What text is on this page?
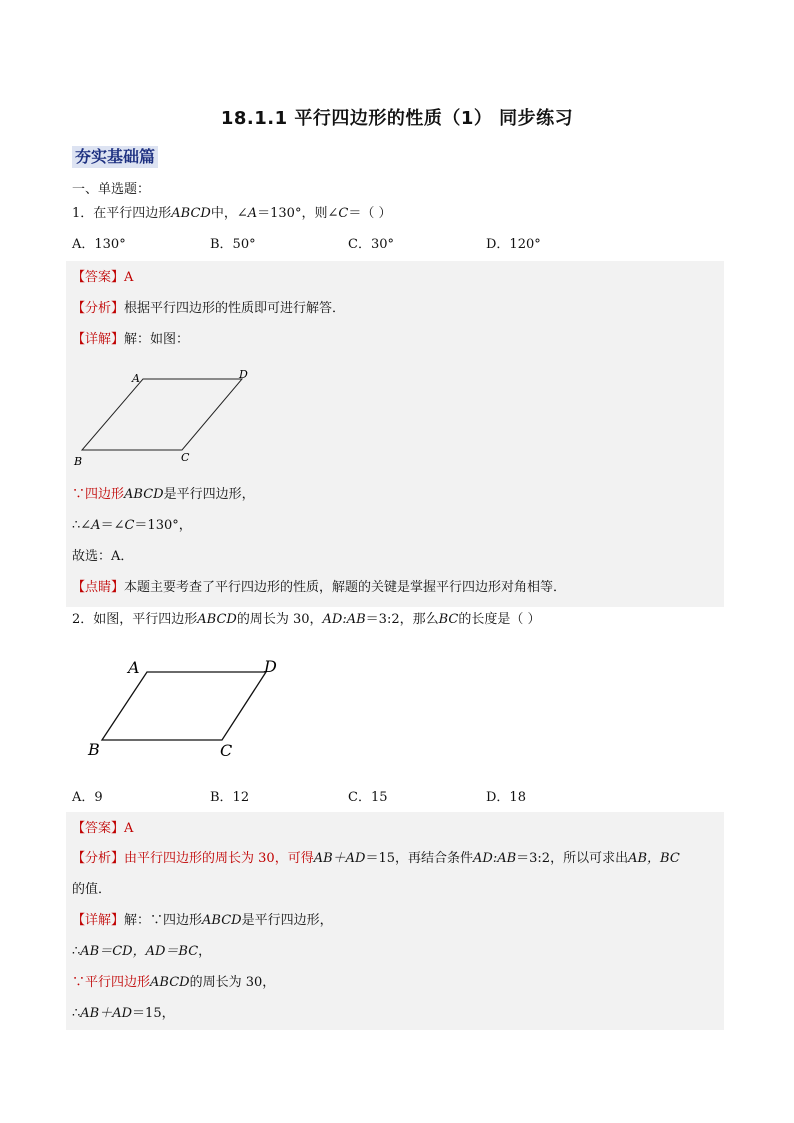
18.1.1 平行四边形的性质（1） 同步练习
夯实基础篇
一、单选题：
1．在平行四边形ABCD中，∠A＝130°，则∠C＝（ ）
A．130°	B．50°	C．30°	D．120°
【答案】A
【分析】根据平行四边形的性质即可进行解答．
【详解】解：如图：
A	D
B	C
∵四边形ABCD是平行四边形，
∴∠A＝∠C＝130°，
故选：A．
【点睛】本题主要考查了平行四边形的性质，解题的关键是掌握平行四边形对角相等．
2．如图，平行四边形ABCD的周长为 30，AD:AB＝3:2，那么BC的长度是（ ）
A	D
B	C
A．9	B．12	C．15	D．18
【答案】A
【分析】由平行四边形的周长为 30，可得AB＋AD＝15，再结合条件AD:AB＝3:2，所以可求出AB，BC
的值．
【详解】解：∵四边形ABCD是平行四边形，
∴AB＝CD，AD＝BC，
∵平行四边形ABCD的周长为 30，
∴AB＋AD＝15，
